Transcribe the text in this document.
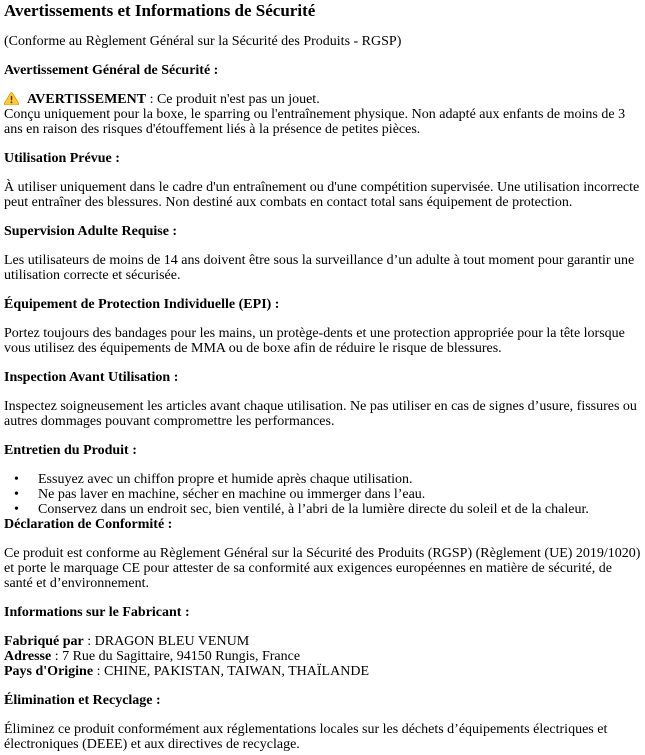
Avertissements et Informations de Sécurité

(Conforme au Règlement Général sur la Sécurité des Produits - RGSP)

Avertissement Général de Sécurité :

AVERTISSEMENT : Ce produit n'est pas un jouet.
Conçu uniquement pour la boxe, le sparring ou l'entraînement physique. Non adapté aux enfants de moins de 3 ans en raison des risques d'étouffement liés à la présence de petites pièces.

Utilisation Prévue :

À utiliser uniquement dans le cadre d'un entraînement ou d'une compétition supervisée. Une utilisation incorrecte peut entraîner des blessures. Non destiné aux combats en contact total sans équipement de protection.

Supervision Adulte Requise :

Les utilisateurs de moins de 14 ans doivent être sous la surveillance d’un adulte à tout moment pour garantir une utilisation correcte et sécurisée.

Équipement de Protection Individuelle (EPI) :

Portez toujours des bandages pour les mains, un protège-dents et une protection appropriée pour la tête lorsque vous utilisez des équipements de MMA ou de boxe afin de réduire le risque de blessures.

Inspection Avant Utilisation :

Inspectez soigneusement les articles avant chaque utilisation. Ne pas utiliser en cas de signes d’usure, fissures ou autres dommages pouvant compromettre les performances.

Entretien du Produit :

• Essuyez avec un chiffon propre et humide après chaque utilisation.
• Ne pas laver en machine, sécher en machine ou immerger dans l’eau.
• Conservez dans un endroit sec, bien ventilé, à l’abri de la lumière directe du soleil et de la chaleur.

Déclaration de Conformité :

Ce produit est conforme au Règlement Général sur la Sécurité des Produits (RGSP) (Règlement (UE) 2019/1020) et porte le marquage CE pour attester de sa conformité aux exigences européennes en matière de sécurité, de santé et d’environnement.

Informations sur le Fabricant :

Fabriqué par : DRAGON BLEU VENUM
Adresse : 7 Rue du Sagittaire, 94150 Rungis, France
Pays d'Origine : CHINE, PAKISTAN, TAIWAN, THAÏLANDE

Élimination et Recyclage :

Éliminez ce produit conformément aux réglementations locales sur les déchets d’équipements électriques et électroniques (DEEE) et aux directives de recyclage.
